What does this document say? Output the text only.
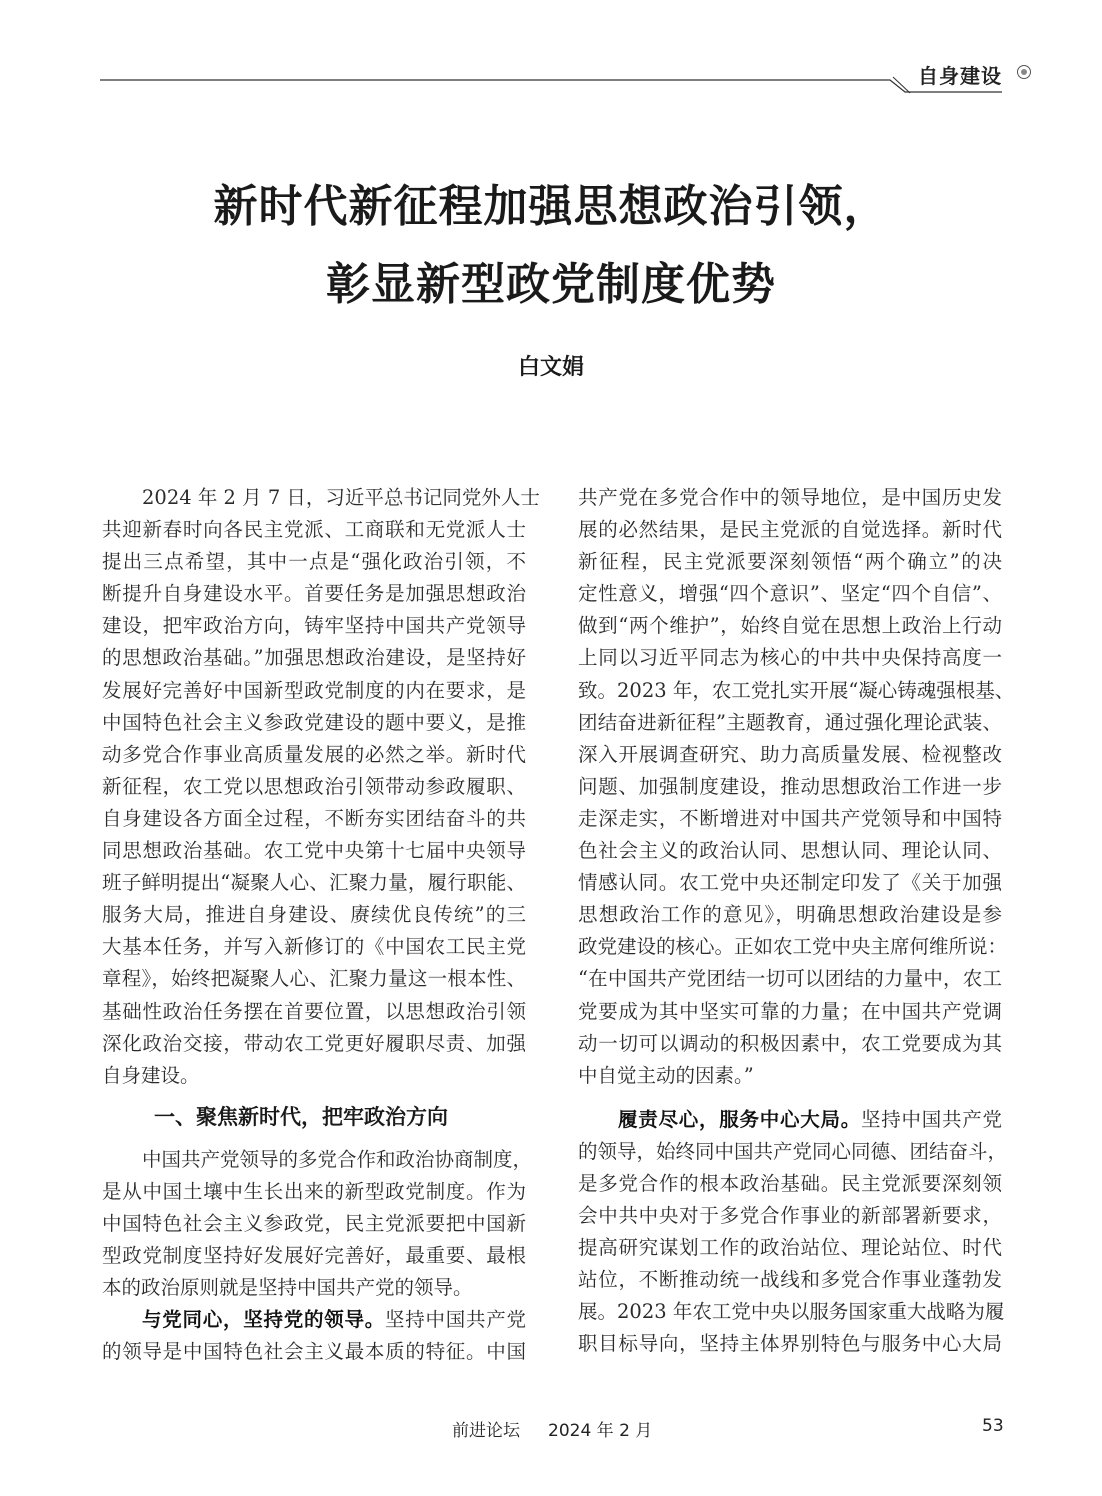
自身建设
新时代新征程加强思想政治引领，
彰显新型政党制度优势
白文娟
2024 年 2 月 7 日，习近平总书记同党外人士
共迎新春时向各民主党派、工商联和无党派人士
提出三点希望，其中一点是“强化政治引领，不
断提升自身建设水平。首要任务是加强思想政治
建设，把牢政治方向，铸牢坚持中国共产党领导
的思想政治基础。”加强思想政治建设，是坚持好
发展好完善好中国新型政党制度的内在要求，是
中国特色社会主义参政党建设的题中要义，是推
动多党合作事业高质量发展的必然之举。新时代
新征程，农工党以思想政治引领带动参政履职、
自身建设各方面全过程，不断夯实团结奋斗的共
同思想政治基础。农工党中央第十七届中央领导
班子鲜明提出“凝聚人心、汇聚力量，履行职能、
服务大局，推进自身建设、赓续优良传统”的三
大基本任务，并写入新修订的《中国农工民主党
章程》，始终把凝聚人心、汇聚力量这一根本性、
基础性政治任务摆在首要位置，以思想政治引领
深化政治交接，带动农工党更好履职尽责、加强
自身建设。
一、聚焦新时代，把牢政治方向
中国共产党领导的多党合作和政治协商制度，
是从中国土壤中生长出来的新型政党制度。作为
中国特色社会主义参政党，民主党派要把中国新
型政党制度坚持好发展好完善好，最重要、最根
本的政治原则就是坚持中国共产党的领导。
与党同心，坚持党的领导。坚持中国共产党
的领导是中国特色社会主义最本质的特征。中国
共产党在多党合作中的领导地位，是中国历史发
展的必然结果，是民主党派的自觉选择。新时代
新征程，民主党派要深刻领悟“两个确立”的决
定性意义，增强“四个意识”、坚定“四个自信”、
做到“两个维护”，始终自觉在思想上政治上行动
上同以习近平同志为核心的中共中央保持高度一
致。2023 年，农工党扎实开展“凝心铸魂强根基、
团结奋进新征程”主题教育，通过强化理论武装、
深入开展调查研究、助力高质量发展、检视整改
问题、加强制度建设，推动思想政治工作进一步
走深走实，不断增进对中国共产党领导和中国特
色社会主义的政治认同、思想认同、理论认同、
情感认同。农工党中央还制定印发了《关于加强
思想政治工作的意见》，明确思想政治建设是参
政党建设的核心。正如农工党中央主席何维所说：
“在中国共产党团结一切可以团结的力量中，农工
党要成为其中坚实可靠的力量；在中国共产党调
动一切可以调动的积极因素中，农工党要成为其
中自觉主动的因素。”
履责尽心，服务中心大局。坚持中国共产党
的领导，始终同中国共产党同心同德、团结奋斗，
是多党合作的根本政治基础。民主党派要深刻领
会中共中央对于多党合作事业的新部署新要求，
提高研究谋划工作的政治站位、理论站位、时代
站位，不断推动统一战线和多党合作事业蓬勃发
展。2023 年农工党中央以服务国家重大战略为履
职目标导向，坚持主体界别特色与服务中心大局
前进论坛 2024 年 2 月	53
